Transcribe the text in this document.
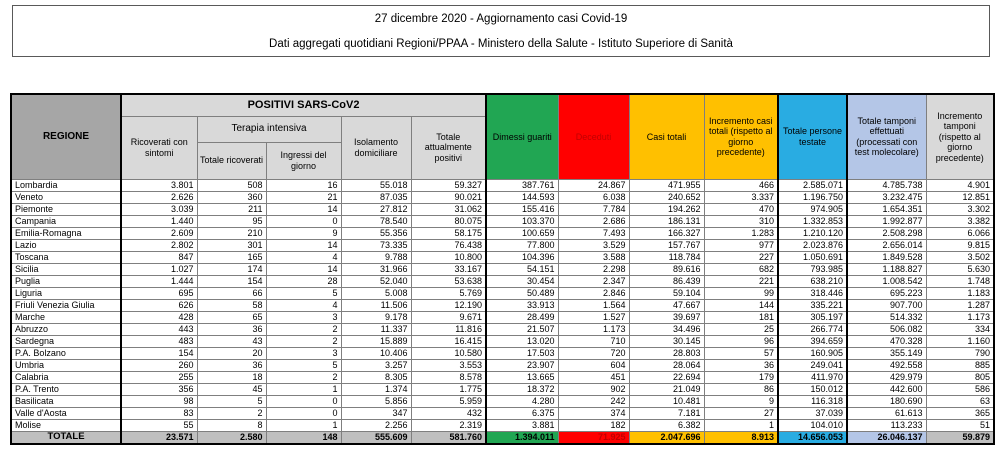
27 dicembre 2020 - Aggiornamento casi Covid-19

Dati aggregati quotidiani Regioni/PPAA - Ministero della Salute - Istituto Superiore di Sanità

REGIONE	POSITIVI SARS-CoV2					Dimessi guariti	Deceduti	Casi totali	Incremento casi totali (rispetto al giorno precedente)	Totale persone testate	Totale tamponi effettuati (processati con test molecolare)	Incremento tamponi (rispetto al giorno precedente)
	Ricoverati con sintomi	Terapia intensiva		Isolamento domiciliare	Totale attualmente positivi							
		Totale ricoverati	Ingressi del giorno									
Lombardia	3.801	508	16	55.018	59.327	387.761	24.867	471.955	466	2.585.071	4.785.738	4.901
Veneto	2.626	360	21	87.035	90.021	144.593	6.038	240.652	3.337	1.196.750	3.232.475	12.851
Piemonte	3.039	211	14	27.812	31.062	155.416	7.784	194.262	470	974.905	1.654.351	3.302
Campania	1.440	95	0	78.540	80.075	103.370	2.686	186.131	310	1.332.853	1.992.877	3.382
Emilia-Romagna	2.609	210	9	55.356	58.175	100.659	7.493	166.327	1.283	1.210.120	2.508.298	6.066
Lazio	2.802	301	14	73.335	76.438	77.800	3.529	157.767	977	2.023.876	2.656.014	9.815
Toscana	847	165	4	9.788	10.800	104.396	3.588	118.784	227	1.050.691	1.849.528	3.502
Sicilia	1.027	174	14	31.966	33.167	54.151	2.298	89.616	682	793.985	1.188.827	5.630
Puglia	1.444	154	28	52.040	53.638	30.454	2.347	86.439	221	638.210	1.008.542	1.748
Liguria	695	66	5	5.008	5.769	50.489	2.846	59.104	99	318.446	695.223	1.183
Friuli Venezia Giulia	626	58	4	11.506	12.190	33.913	1.564	47.667	144	335.221	907.700	1.287
Marche	428	65	3	9.178	9.671	28.499	1.527	39.697	181	305.197	514.332	1.173
Abruzzo	443	36	2	11.337	11.816	21.507	1.173	34.496	25	266.774	506.082	334
Sardegna	483	43	2	15.889	16.415	13.020	710	30.145	96	394.659	470.328	1.160
P.A. Bolzano	154	20	3	10.406	10.580	17.503	720	28.803	57	160.905	355.149	790
Umbria	260	36	5	3.257	3.553	23.907	604	28.064	36	249.041	492.558	885
Calabria	255	18	2	8.305	8.578	13.665	451	22.694	179	411.970	429.979	805
P.A. Trento	356	45	1	1.374	1.775	18.372	902	21.049	86	150.012	442.600	586
Basilicata	98	5	0	5.856	5.959	4.280	242	10.481	9	116.318	180.690	63
Valle d'Aosta	83	2	0	347	432	6.375	374	7.181	27	37.039	61.613	365
Molise	55	8	1	2.256	2.319	3.881	182	6.382	1	104.010	113.233	51
TOTALE	23.571	2.580	148	555.609	581.760	1.394.011	71.925	2.047.696	8.913	14.656.053	26.046.137	59.879
